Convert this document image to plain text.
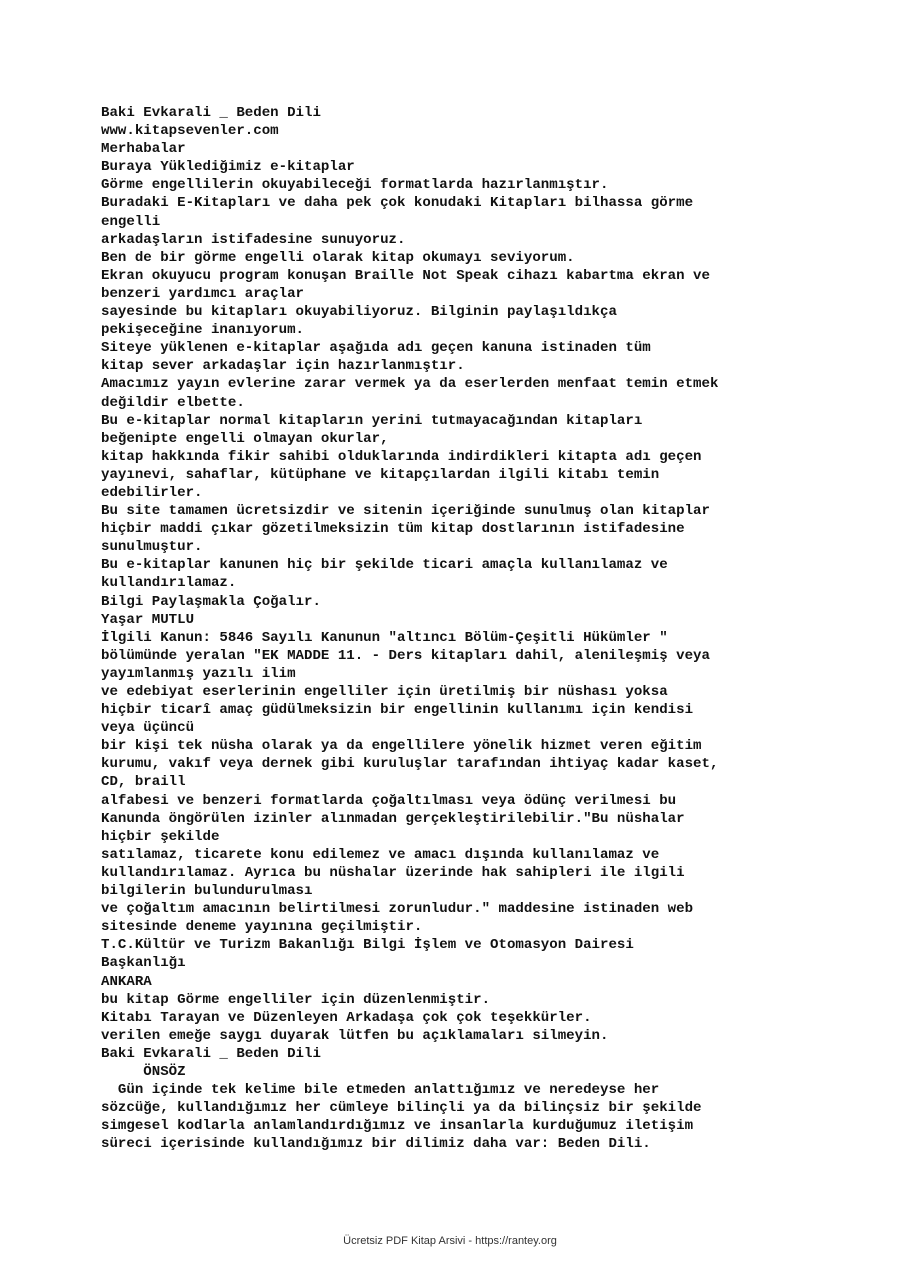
Baki Evkarali _ Beden Dili
www.kitapsevenler.com
Merhabalar
Buraya Yüklediğimiz e-kitaplar
Görme engellilerin okuyabileceği formatlarda hazırlanmıştır.
Buradaki E-Kitapları ve daha pek çok konudaki Kitapları bilhassa görme
engelli
arkadaşların istifadesine sunuyoruz.
Ben de bir görme engelli olarak kitap okumayı seviyorum.
Ekran okuyucu program konuşan Braille Not Speak cihazı kabartma ekran ve
benzeri yardımcı araçlar
sayesinde bu kitapları okuyabiliyoruz. Bilginin paylaşıldıkça
pekişeceğine inanıyorum.
Siteye yüklenen e-kitaplar aşağıda adı geçen kanuna istinaden tüm
kitap sever arkadaşlar için hazırlanmıştır.
Amacımız yayın evlerine zarar vermek ya da eserlerden menfaat temin etmek
değildir elbette.
Bu e-kitaplar normal kitapların yerini tutmayacağından kitapları
beğenipte engelli olmayan okurlar,
kitap hakkında fikir sahibi olduklarında indirdikleri kitapta adı geçen
yayınevi, sahaflar, kütüphane ve kitapçılardan ilgili kitabı temin
edebilirler.
Bu site tamamen ücretsizdir ve sitenin içeriğinde sunulmuş olan kitaplar
hiçbir maddi çıkar gözetilmeksizin tüm kitap dostlarının istifadesine
sunulmuştur.
Bu e-kitaplar kanunen hiç bir şekilde ticari amaçla kullanılamaz ve
kullandırılamaz.
Bilgi Paylaşmakla Çoğalır.
Yaşar MUTLU
İlgili Kanun: 5846 Sayılı Kanunun "altıncı Bölüm-Çeşitli Hükümler "
bölümünde yeralan "EK MADDE 11. - Ders kitapları dahil, alenileşmiş veya
yayımlanmış yazılı ilim
ve edebiyat eserlerinin engelliler için üretilmiş bir nüshası yoksa
hiçbir ticarî amaç güdülmeksizin bir engellinin kullanımı için kendisi
veya üçüncü
bir kişi tek nüsha olarak ya da engellilere yönelik hizmet veren eğitim
kurumu, vakıf veya dernek gibi kuruluşlar tarafından ihtiyaç kadar kaset,
CD, braill
alfabesi ve benzeri formatlarda çoğaltılması veya ödünç verilmesi bu
Kanunda öngörülen izinler alınmadan gerçekleştirilebilir."Bu nüshalar
hiçbir şekilde
satılamaz, ticarete konu edilemez ve amacı dışında kullanılamaz ve
kullandırılamaz. Ayrıca bu nüshalar üzerinde hak sahipleri ile ilgili
bilgilerin bulundurulması
ve çoğaltım amacının belirtilmesi zorunludur." maddesine istinaden web
sitesinde deneme yayınına geçilmiştir.
T.C.Kültür ve Turizm Bakanlığı Bilgi İşlem ve Otomasyon Dairesi
Başkanlığı
ANKARA
bu kitap Görme engelliler için düzenlenmiştir.
Kitabı Tarayan ve Düzenleyen Arkadaşa çok çok teşekkürler.
verilen emeğe saygı duyarak lütfen bu açıklamaları silmeyin.
Baki Evkarali _ Beden Dili
ÖNSÖZ
Gün içinde tek kelime bile etmeden anlattığımız ve neredeyse her
sözcüğe, kullandığımız her cümleye bilinçli ya da bilinçsiz bir şekilde
simgesel kodlarla anlamlandırdığımız ve insanlarla kurduğumuz iletişim
süreci içerisinde kullandığımız bir dilimiz daha var: Beden Dili.
Ücretsiz PDF Kitap Arsivi - https://rantey.org
